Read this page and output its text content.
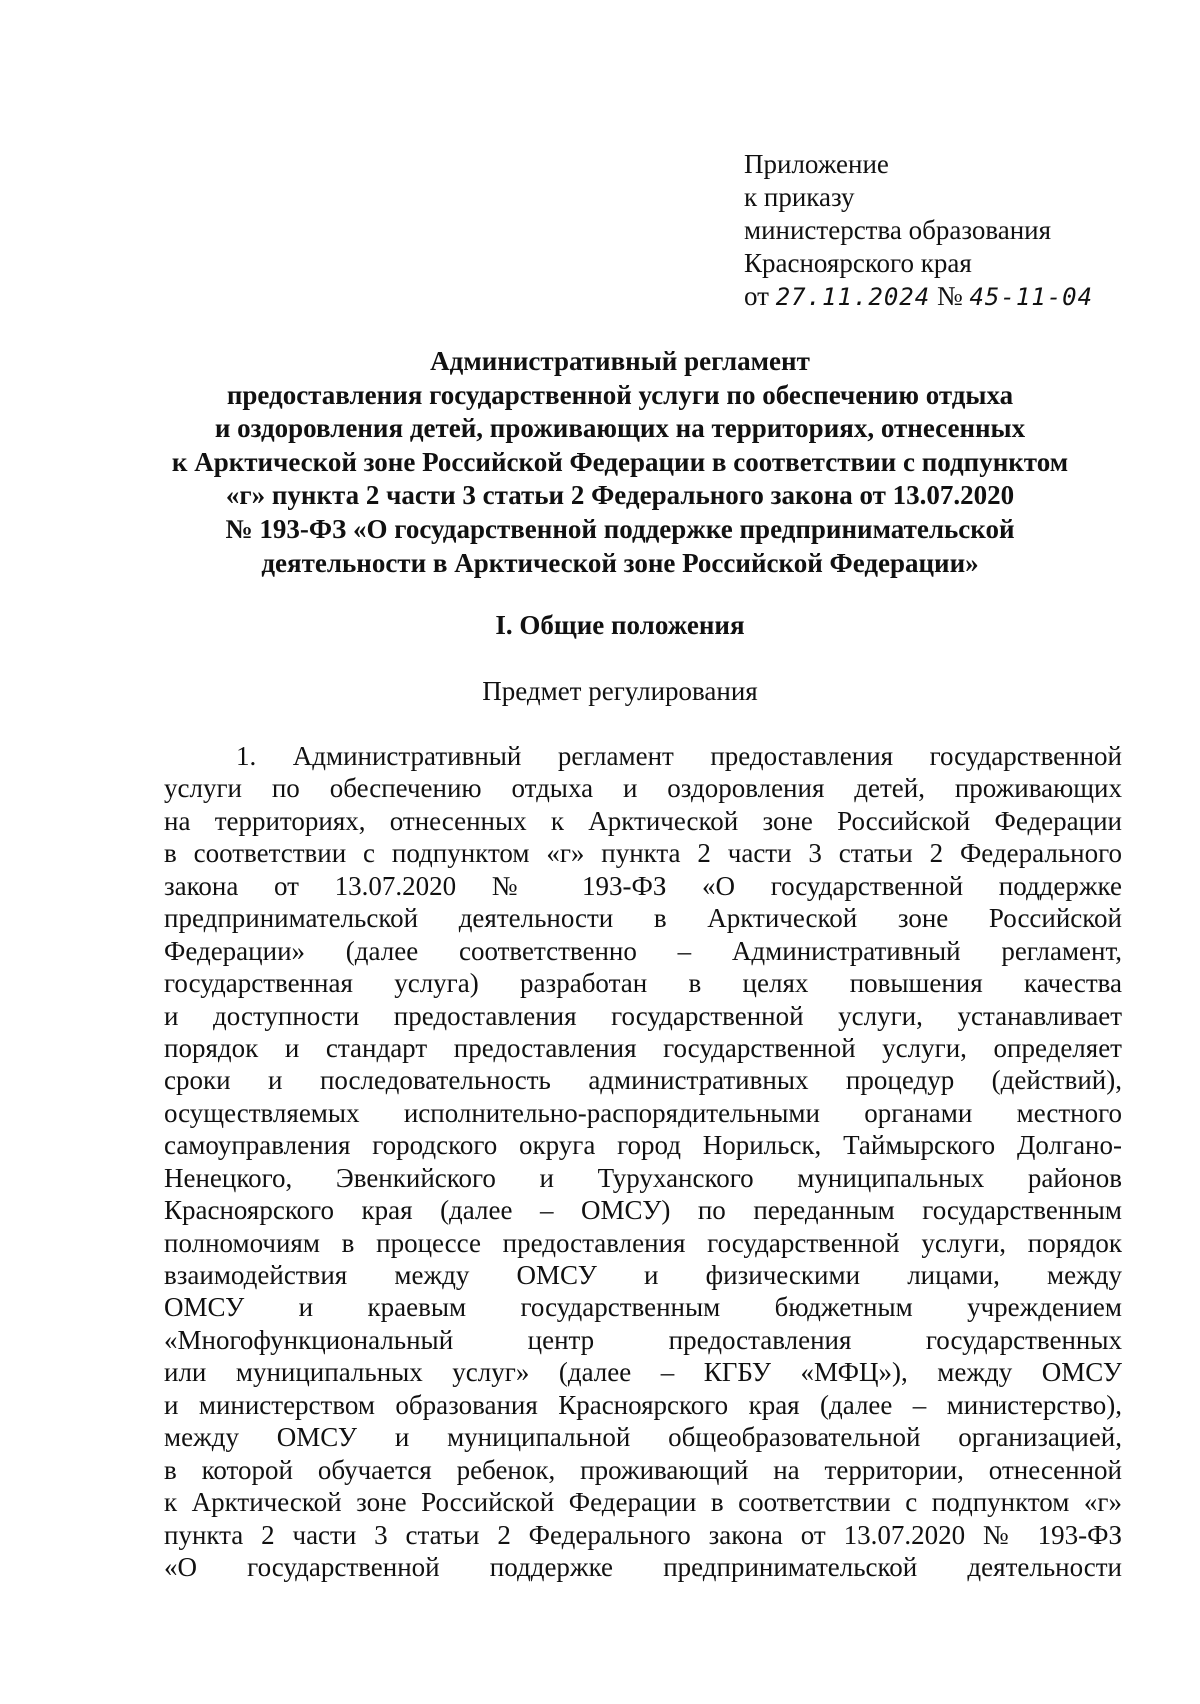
Приложение
к приказу
министерства образования
Красноярского края
от 27.11.2024 № 45-11-04
Административный регламент
предоставления государственной услуги по обеспечению отдыха
и оздоровления детей, проживающих на территориях, отнесенных
к Арктической зоне Российской Федерации в соответствии с подпунктом
«г» пункта 2 части 3 статьи 2 Федерального закона от 13.07.2020
№ 193-ФЗ «О государственной поддержке предпринимательской
деятельности в Арктической зоне Российской Федерации»
I. Общие положения
Предмет регулирования
1. Административный регламент предоставления государственной
услуги по обеспечению отдыха и оздоровления детей, проживающих
на территориях, отнесенных к Арктической зоне Российской Федерации
в соответствии с подпунктом «г» пункта 2 части 3 статьи 2 Федерального
закона от 13.07.2020 № 193-ФЗ «О государственной поддержке
предпринимательской деятельности в Арктической зоне Российской
Федерации» (далее соответственно – Административный регламент,
государственная услуга) разработан в целях повышения качества
и доступности предоставления государственной услуги, устанавливает
порядок и стандарт предоставления государственной услуги, определяет
сроки и последовательность административных процедур (действий),
осуществляемых исполнительно-распорядительными органами местного
самоуправления городского округа город Норильск, Таймырского Долгано-
Ненецкого, Эвенкийского и Туруханского муниципальных районов
Красноярского края (далее – ОМСУ) по переданным государственным
полномочиям в процессе предоставления государственной услуги, порядок
взаимодействия между ОМСУ и физическими лицами, между
ОМСУ и краевым государственным бюджетным учреждением
«Многофункциональный центр предоставления государственных
или муниципальных услуг» (далее – КГБУ «МФЦ»), между ОМСУ
и министерством образования Красноярского края (далее – министерство),
между ОМСУ и муниципальной общеобразовательной организацией,
в которой обучается ребенок, проживающий на территории, отнесенной
к Арктической зоне Российской Федерации в соответствии с подпунктом «г»
пункта 2 части 3 статьи 2 Федерального закона от 13.07.2020 № 193-ФЗ
«О государственной поддержке предпринимательской деятельности
